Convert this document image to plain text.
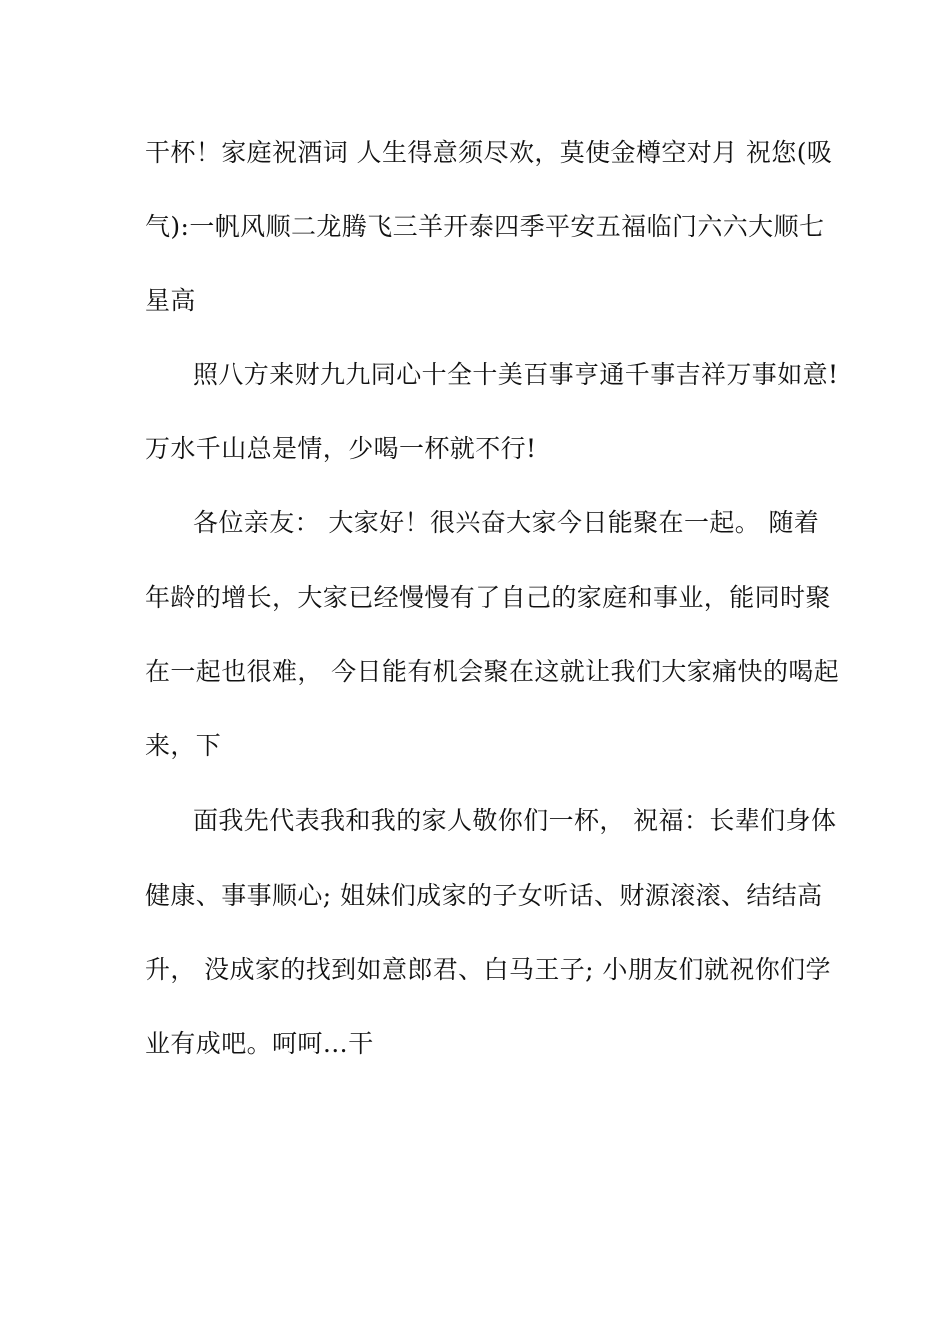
干杯！家庭祝酒词 人生得意须尽欢，莫使金樽空对月 祝您(吸
气):一帆风顺二龙腾飞三羊开泰四季平安五福临门六六大顺七
星高
照八方来财九九同心十全十美百事亨通千事吉祥万事如意!
万水千山总是情，少喝一杯就不行!
各位亲友： 大家好！很兴奋大家今日能聚在一起。 随着
年龄的增长，大家已经慢慢有了自己的家庭和事业，能同时聚
在一起也很难， 今日能有机会聚在这就让我们大家痛快的喝起
来，下
面我先代表我和我的家人敬你们一杯， 祝福：长辈们身体
健康、事事顺心; 姐妹们成家的子女听话、财源滚滚、结结高
升， 没成家的找到如意郎君、白马王子; 小朋友们就祝你们学
业有成吧。呵呵…干
